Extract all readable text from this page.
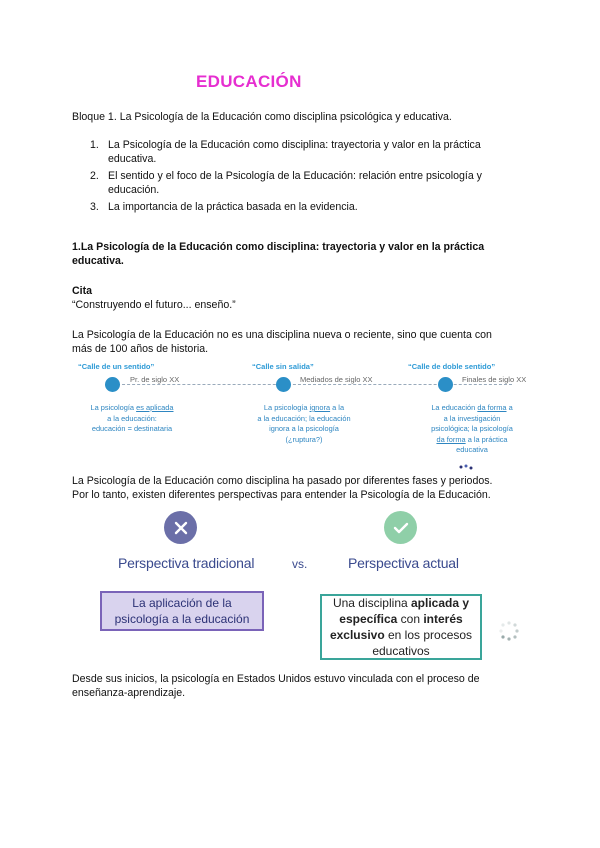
EDUCACIÓN
Bloque 1. La Psicología de la Educación como disciplina psicológica y educativa.
1. La Psicología de la Educación como disciplina: trayectoria y valor en la práctica
educativa.
2. El sentido y el foco de la Psicología de la Educación: relación entre psicología y
educación.
3. La importancia de la práctica basada en la evidencia.
1.La Psicología de la Educación como disciplina: trayectoria y valor en la práctica
educativa.
Cita
“Construyendo el futuro... enseño.”
La Psicología de la Educación no es una disciplina nueva o reciente, sino que cuenta con
más de 100 años de historia.
“Calle de un sentido”	“Calle sin salida”	“Calle de doble sentido”
Pr. de siglo XX	Mediados de siglo XX	Finales de siglo XX
La psicología es aplicada
a la educación:
educación = destinataria
La psicología ignora a la
a la educación; la educación
ignora a la psicología
(¿ruptura?)
La educación da forma a
a la investigación
psicológica; la psicología
da forma a la práctica
educativa
La Psicología de la Educación como disciplina ha pasado por diferentes fases y periodos.
Por lo tanto, existen diferentes perspectivas para entender la Psicología de la Educación.
Perspectiva tradicional	vs.	Perspectiva actual
La aplicación de la
psicología a la educación
Una disciplina aplicada y
específica con interés
exclusivo en los procesos
educativos
Desde sus inicios, la psicología en Estados Unidos estuvo vinculada con el proceso de
enseñanza-aprendizaje.
